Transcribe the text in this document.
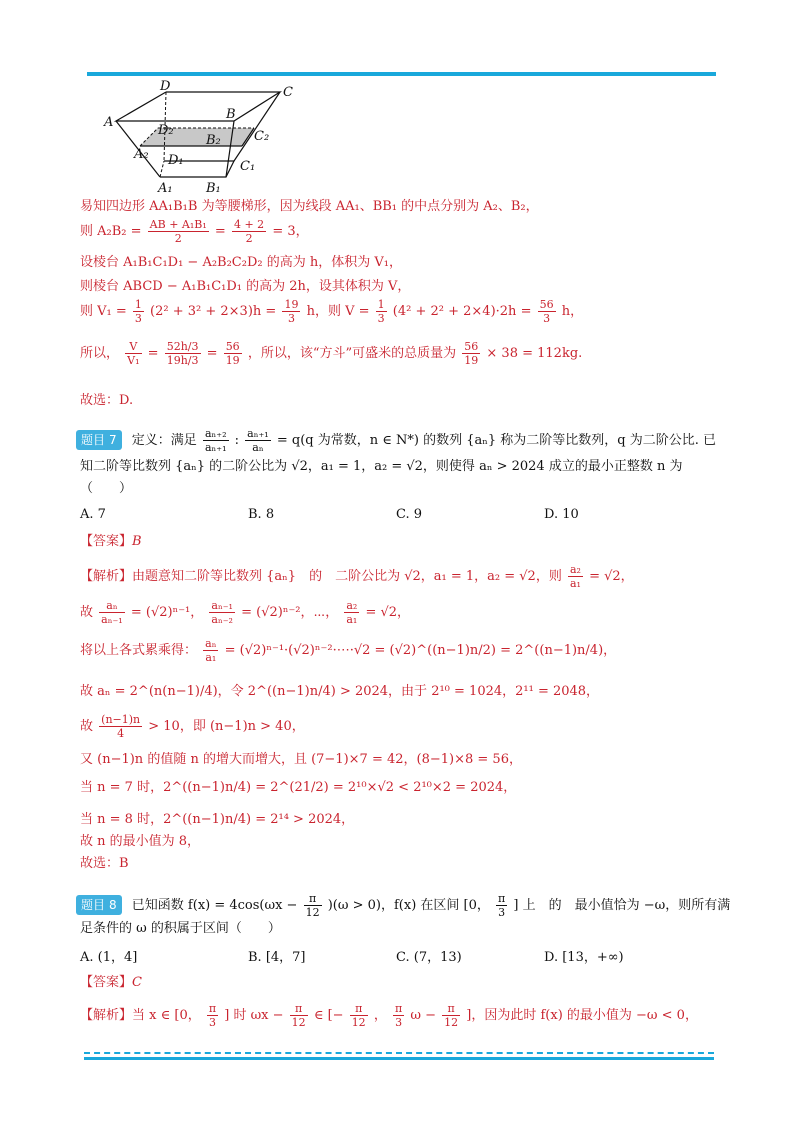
D	C
A
B
D₂
B₂	C₂
A₂ D₁	C₁
A₁	B₁
易知四边形 AA₁B₁B 为等腰梯形，因为线段 AA₁、BB₁ 的中点分别为 A₂、B₂，
则 $A_2B_2 = \frac{\text{AB + A₁B₁}}{2} = \frac{4 + 2}{2} = 3$，
设棱台 A₁B₁C₁D₁ − A₂B₂C₂D₂ 的高为 h，体积为 V₁，
则棱台 ABCD − A₁B₁C₁D₁ 的高为 2h，设其体积为 V，
则 $V_1 = \frac{1}{3} (2^2 + 3^2 + 2\times 3)h = \frac{19}{3}$ h，则 $V = \frac{1}{3} (4^2 + 2^2 + 2\times 4)\cdot 2h = \frac{56}{3}$ h，
所以， $\frac{V}{\text{V₁}} = \frac{52h/3}{19h/3} = \frac{56}{19}$ ，所以，该“方斗”可盛米的总质量为 $\frac{56}{19} \times 38 = 112kg$.
故选：D.
题目 7 定义：满足 $\frac{\text{aₙ₊₂}}{\text{aₙ₊₁}}$ : $\frac{\text{aₙ₊₁}}{\text{aₙ}} = q(q$ 为常数，n ∈ N*) 的数列 {aₙ} 称为二阶等比数列，q 为二阶公比. 已
知二阶等比数列 {aₙ} 的二阶公比为 √2，a₁ = 1，a₂ = √2，则使得 aₙ > 2024 成立的最小正整数 n 为
（　　）
A. 7	B. 8	C. 9	D. 10
【答案】B
【解析】由题意知二阶等比数列 {aₙ}　的　二阶公比为 √2，a₁ = 1，a₂ = √2，则 $\frac{\text{a₂}}{\text{a₁}} = √2$，
故 $\frac{\text{aₙ}}{\text{aₙ₋₁}} = (√2)^{n-1}$， $\frac{\text{aₙ₋₁}}{\text{aₙ₋₂}} = (√2)^{n-2}$，⋯， $\frac{\text{a₂}}{\text{a₁}} = √2$，
将以上各式累乘得： $\frac{\text{aₙ}}{\text{a₁}}$ = (√2)ⁿ⁻¹·(√2)ⁿ⁻²·⋯·√2 = (√2)^((n−1)n/2) = 2^((n−1)n/4)，
故 aₙ = 2^(n(n−1)/4)，令 2^((n−1)n/4) > 2024，由于 2¹⁰ = 1024，2¹¹ = 2048，
故 $\frac{(n-1)n}{4} > 10$，即 (n−1)n > 40，
又 (n−1)n 的值随 n 的增大而增大，且 (7−1)×7 = 42，(8−1)×8 = 56，
当 n = 7 时，2^((n−1)n/4) = 2^(21/2) = 2¹⁰×√2 < 2¹⁰×2 = 2024，
当 n = 8 时，2^((n−1)n/4) = 2¹⁴ > 2024，
故 n 的最小值为 8，
故选：B
题目 8 已知函数 $f(x) = 4\cos(\omega x - \frac{\pi}{12} )(\omega > 0)$，f(x) 在区间 [0， $\frac{\pi}{3}$ ] 上　的　最小值恰为 −ω，则所有满
足条件的 ω 的积属于区间（　　）
A. (1，4]	B. [4，7]	C. (7，13)	D. [13，+∞)
【答案】C
【解析】当 x ∈ [0， $\frac{\pi}{3}$ ] 时 $\omega x - \frac{\pi}{12}$ ∈ [− $\frac{\pi}{12}$ ， $\frac{\pi}{3}$ $\omega - \frac{\pi}{12}$ ]，因为此时 f(x) 的最小值为 −ω < 0，
